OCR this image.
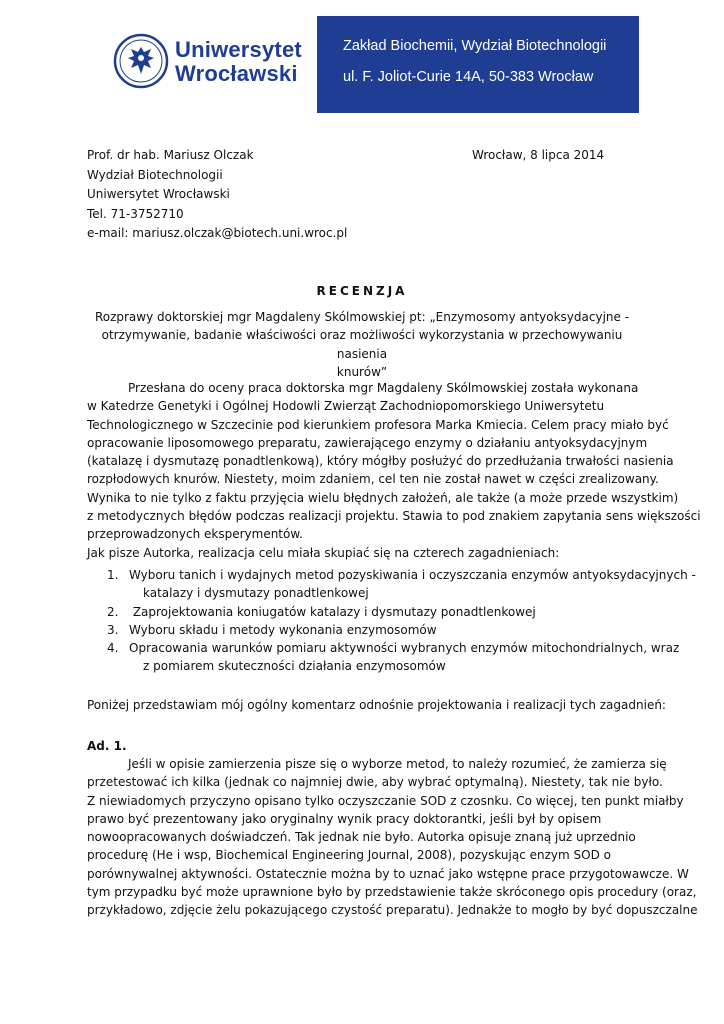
Uniwersytet
Wrocławski
Zakład Biochemii, Wydział Biotechnologii
ul. F. Joliot-Curie 14A, 50-383 Wrocław
Prof. dr hab. Mariusz Olczak
Wydział Biotechnologii
Uniwersytet Wrocławski
Tel. 71-3752710
e-mail: mariusz.olczak@biotech.uni.wroc.pl
Wrocław, 8 lipca 2014
RECENZJA
Rozprawy doktorskiej mgr Magdaleny Skólmowskiej pt: „Enzymosomy antyoksydacyjne -
otrzymywanie, badanie właściwości oraz możliwości wykorzystania w przechowywaniu nasienia
knurów”
Przesłana do oceny praca doktorska mgr Magdaleny Skólmowskiej została wykonana
w Katedrze Genetyki i Ogólnej Hodowli Zwierząt Zachodniopomorskiego Uniwersytetu
Technologicznego w Szczecinie pod kierunkiem profesora Marka Kmiecia. Celem pracy miało być
opracowanie liposomowego preparatu, zawierającego enzymy o działaniu antyoksydacyjnym
(katalazę i dysmutazę ponadtlenkową), który mógłby posłużyć do przedłużania trwałości nasienia
rozpłodowych knurów. Niestety, moim zdaniem, cel ten nie został nawet w części zrealizowany.
Wynika to nie tylko z faktu przyjęcia wielu błędnych założeń, ale także (a może przede wszystkim)
z metodycznych błędów podczas realizacji projektu. Stawia to pod znakiem zapytania sens większości
przeprowadzonych eksperymentów.
Jak pisze Autorka, realizacja celu miała skupiać się na czterech zagadnieniach:
1. Wyboru tanich i wydajnych metod pozyskiwania i oczyszczania enzymów antyoksydacyjnych -
katalazy i dysmutazy ponadtlenkowej
2. Zaprojektowania koniugatów katalazy i dysmutazy ponadtlenkowej
3. Wyboru składu i metody wykonania enzymosomów
4. Opracowania warunków pomiaru aktywności wybranych enzymów mitochondrialnych, wraz
z pomiarem skuteczności działania enzymosomów
Poniżej przedstawiam mój ogólny komentarz odnośnie projektowania i realizacji tych zagadnień:
Ad. 1.
Jeśli w opisie zamierzenia pisze się o wyborze metod, to należy rozumieć, że zamierza się
przetestować ich kilka (jednak co najmniej dwie, aby wybrać optymalną). Niestety, tak nie było.
Z niewiadomych przyczyno opisano tylko oczyszczanie SOD z czosnku. Co więcej, ten punkt miałby
prawo być prezentowany jako oryginalny wynik pracy doktorantki, jeśli był by opisem
nowoopracowanych doświadczeń. Tak jednak nie było. Autorka opisuje znaną już uprzednio
procedurę (He i wsp, Biochemical Engineering Journal, 2008), pozyskując enzym SOD o
porównywalnej aktywności. Ostatecznie można by to uznać jako wstępne prace przygotowawcze. W
tym przypadku być może uprawnione było by przedstawienie także skróconego opis procedury (oraz,
przykładowo, zdjęcie żelu pokazującego czystość preparatu). Jednakże to mogło by być dopuszczalne
